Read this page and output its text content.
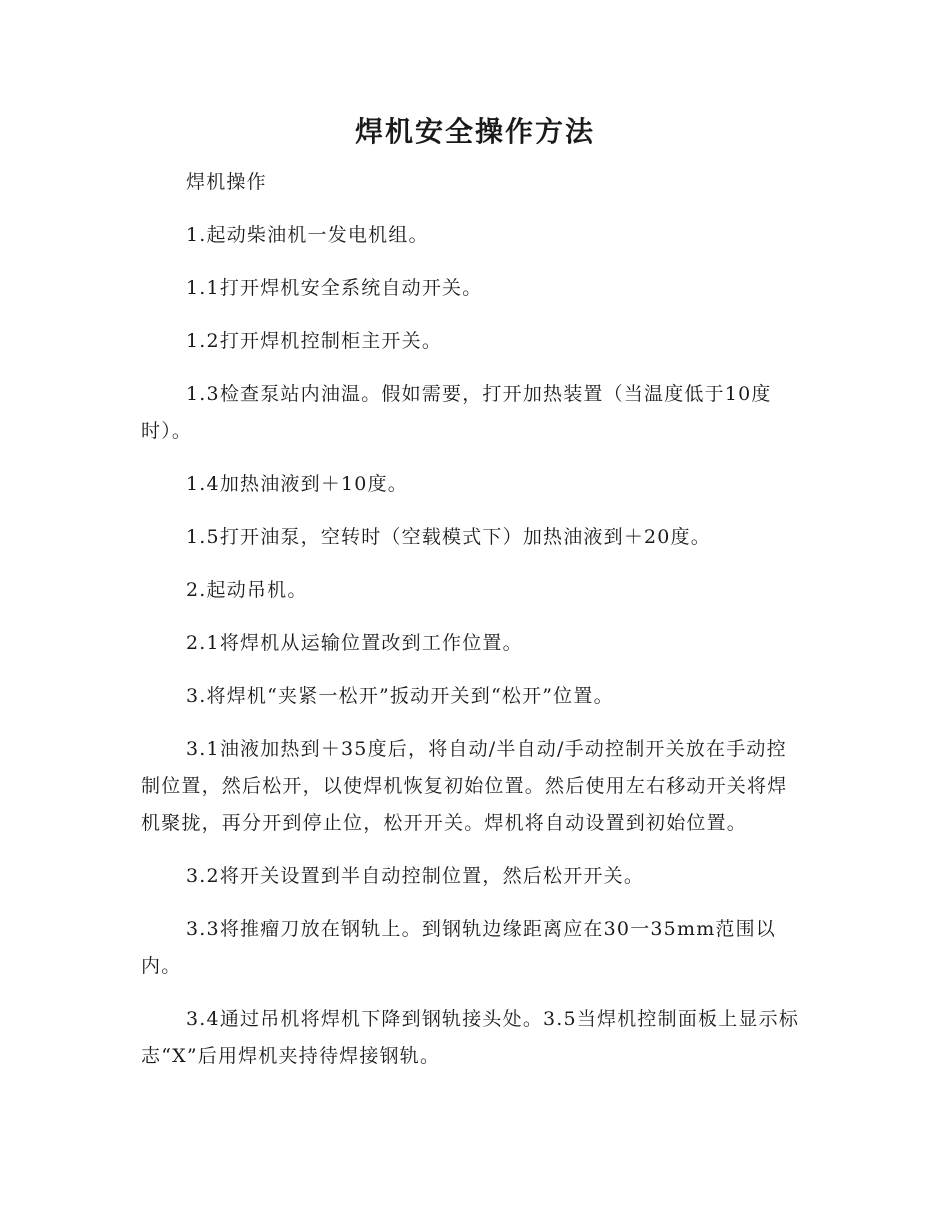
焊机安全操作方法

焊机操作

1.起动柴油机一发电机组。

1.1打开焊机安全系统自动开关。

1.2打开焊机控制柜主开关。

1.3检查泵站内油温。假如需要，打开加热装置（当温度低于10度时）。

1.4加热油液到＋10度。

1.5打开油泵，空转时（空载模式下）加热油液到＋20度。

2.起动吊机。

2.1将焊机从运输位置改到工作位置。

3.将焊机“夹紧一松开”扳动开关到“松开”位置。

3.1油液加热到＋35度后，将自动/半自动/手动控制开关放在手动控制位置，然后松开，以使焊机恢复初始位置。然后使用左右移动开关将焊机聚拢，再分开到停止位，松开开关。焊机将自动设置到初始位置。

3.2将开关设置到半自动控制位置，然后松开开关。

3.3将推瘤刀放在钢轨上。到钢轨边缘距离应在30一35mm范围以内。

3.4通过吊机将焊机下降到钢轨接头处。3.5当焊机控制面板上显示标志“X”后用焊机夹持待焊接钢轨。
